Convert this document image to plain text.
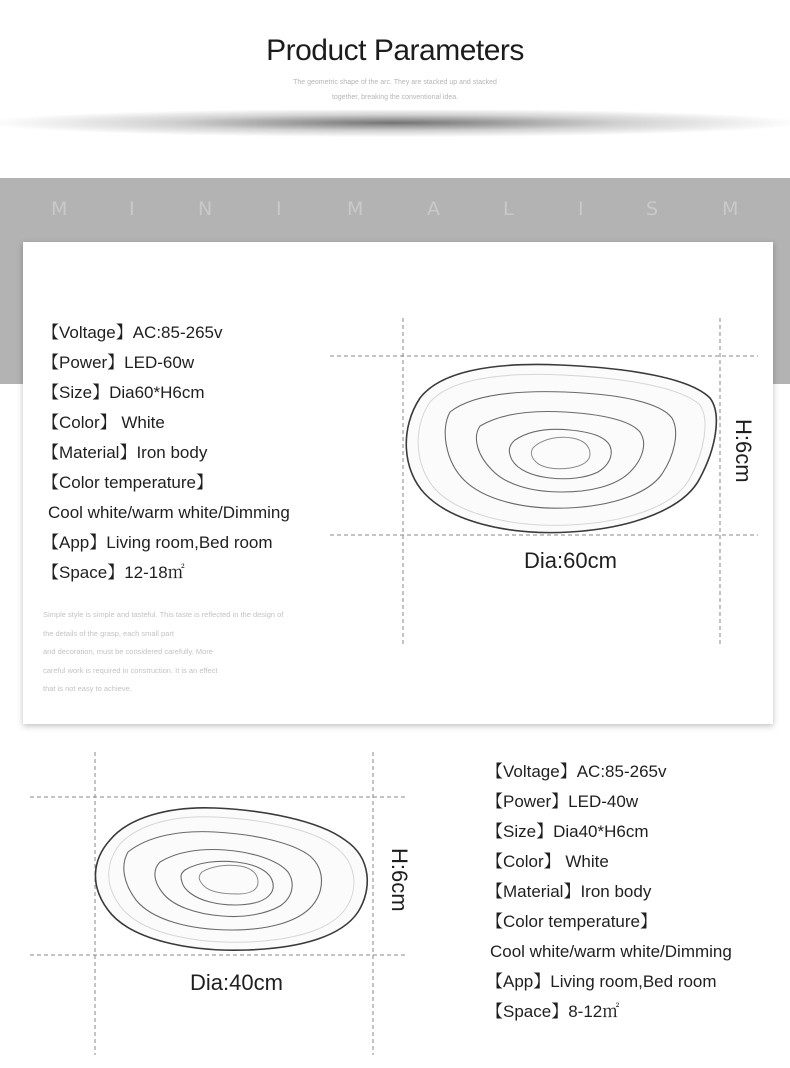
Product Parameters
The geometric shape of the arc. They are stacked up and stacked
together, breaking the conventional idea.
M	I	N	I	M	A	L	I	S	M
【Voltage】AC:85-265v
【Power】LED-60w
【Size】Dia60*H6cm
【Color】 White
【Material】Iron body
【Color temperature】
Cool white/warm white/Dimming
【App】Living room,Bed room
【Space】12-18㎡
Simple style is simple and tasteful. This taste is reflected in the design of
the details of the grasp, each small part
and decoration, must be considered carefully. More
careful work is required in construction. It is an effect
that is not easy to achieve.
Dia:60cm
H:6cm
Dia:40cm
H:6cm
【Voltage】AC:85-265v
【Power】LED-40w
【Size】Dia40*H6cm
【Color】 White
【Material】Iron body
【Color temperature】
Cool white/warm white/Dimming
【App】Living room,Bed room
【Space】8-12㎡
